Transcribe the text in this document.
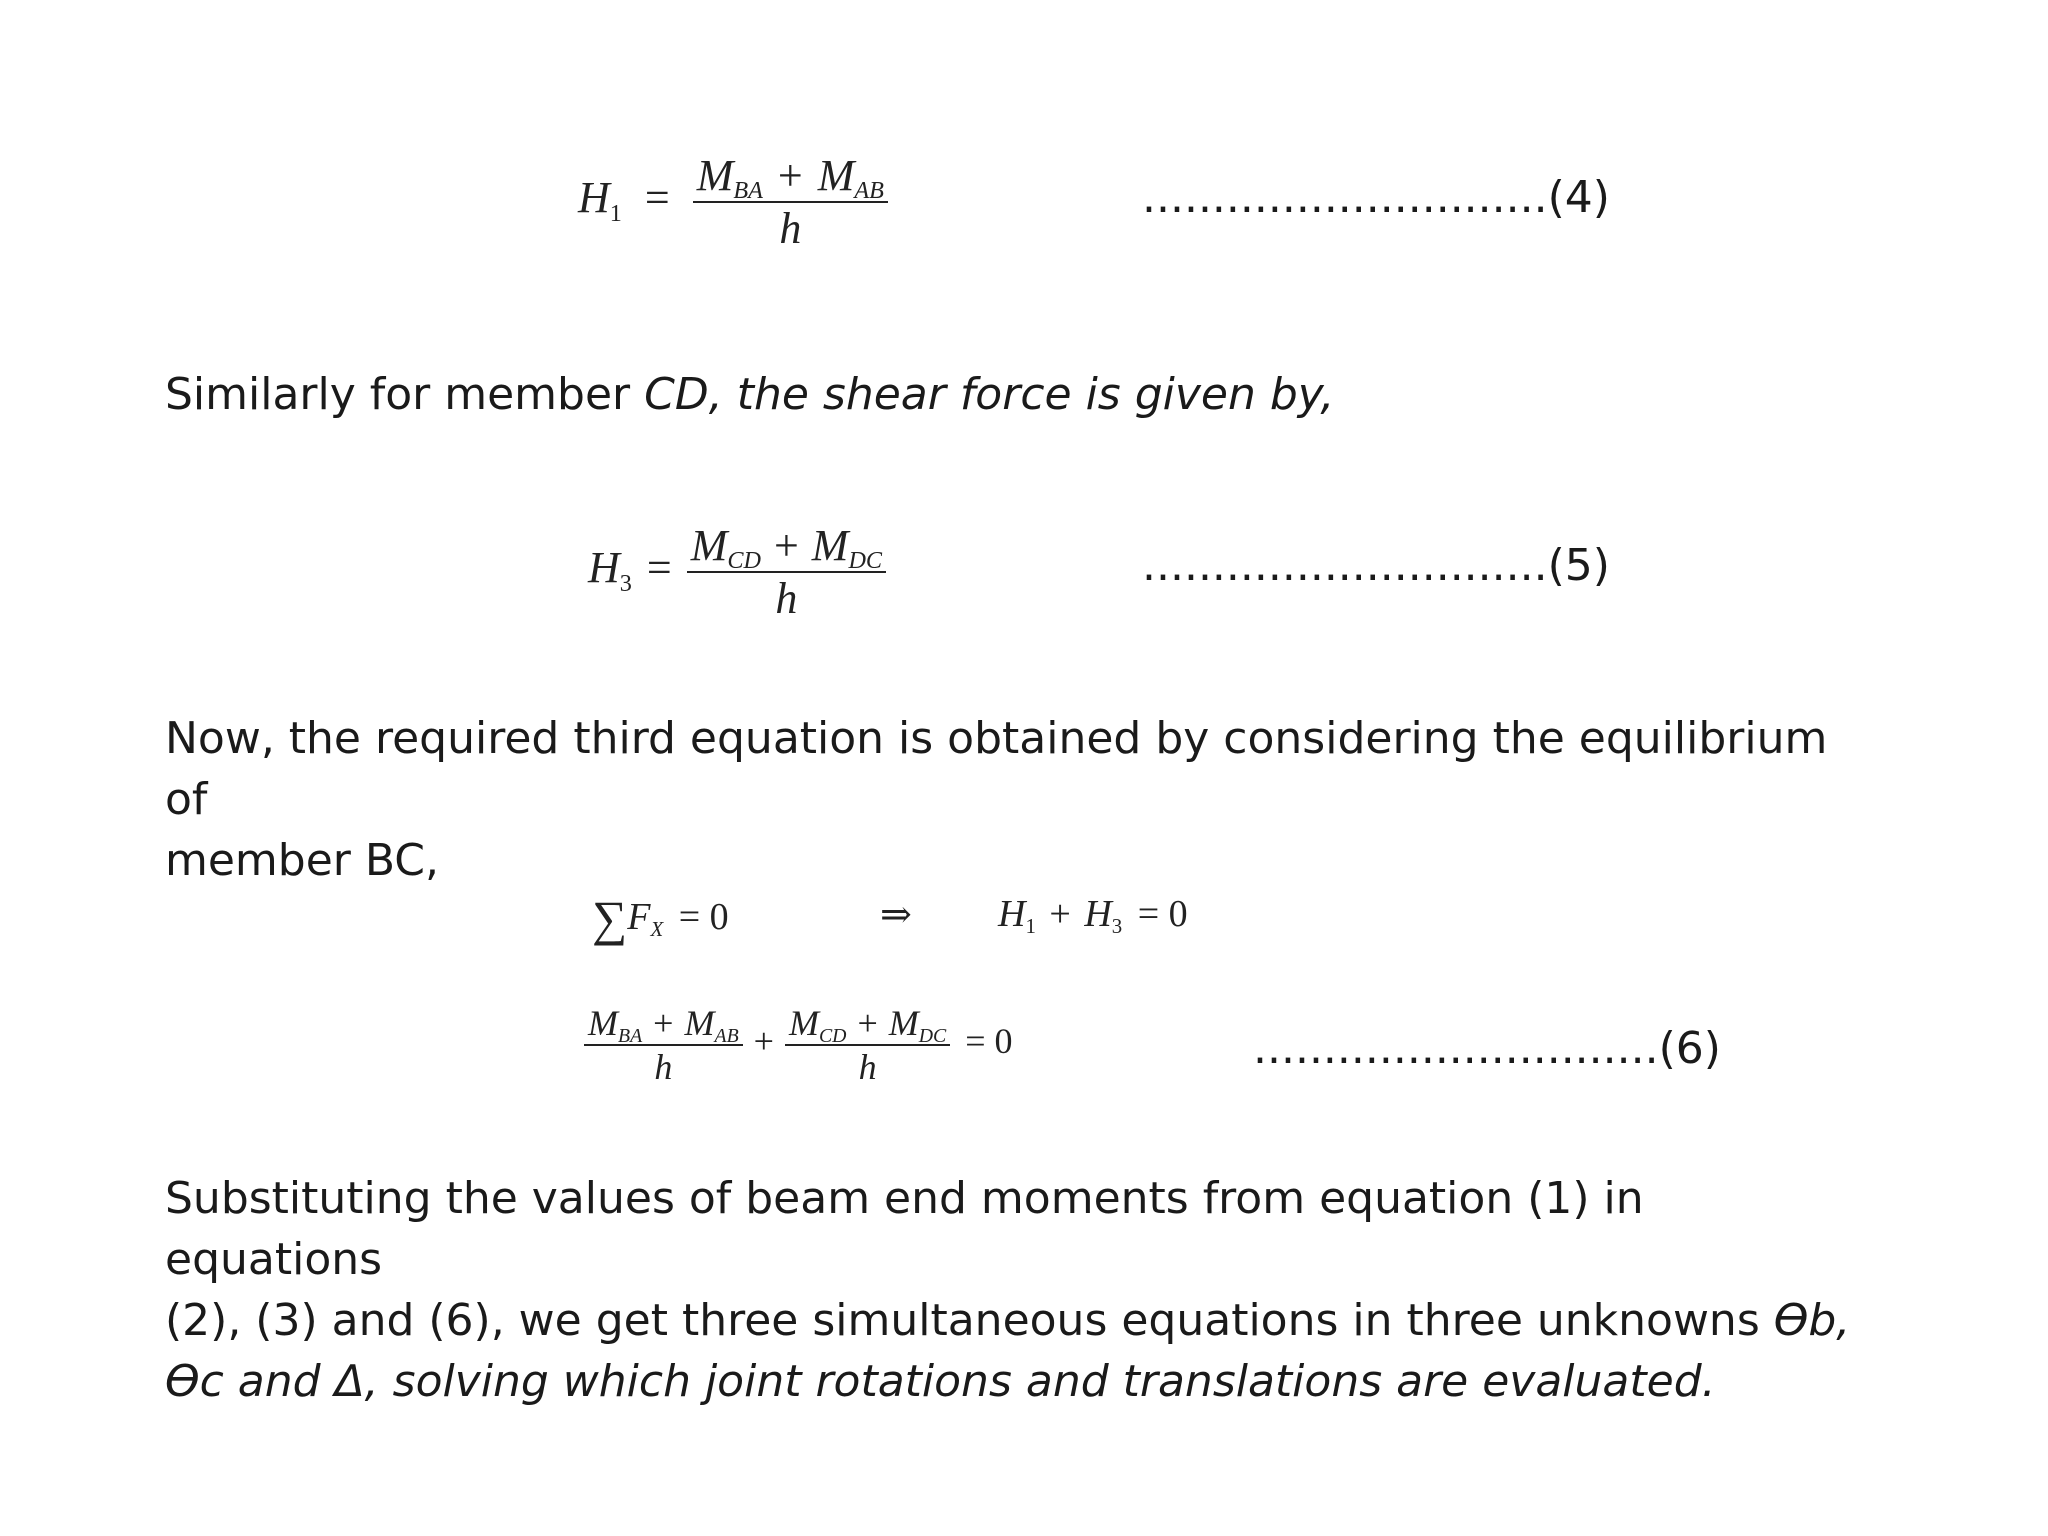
$H1 = \frac{\text{MBA + MAB}}{h}$	.............................(4)
Similarly for member CD, the shear force is given by,
$H3 = \frac{\text{MCD + MDC}}{h}$	.............................(5)
Now, the required third equation is obtained by considering the equilibrium of
member BC,
∑FX = 0	⇒ H1 + H3 = 0
$\frac{\text{MBA + MAB}}{h} + \frac{\text{MCD + MDC}}{h} = 0$	.............................(6)
Substituting the values of beam end moments from equation (1) in equations
(2), (3) and (6), we get three simultaneous equations in three unknowns Ɵb,
Ɵc and Δ, solving which joint rotations and translations are evaluated.
